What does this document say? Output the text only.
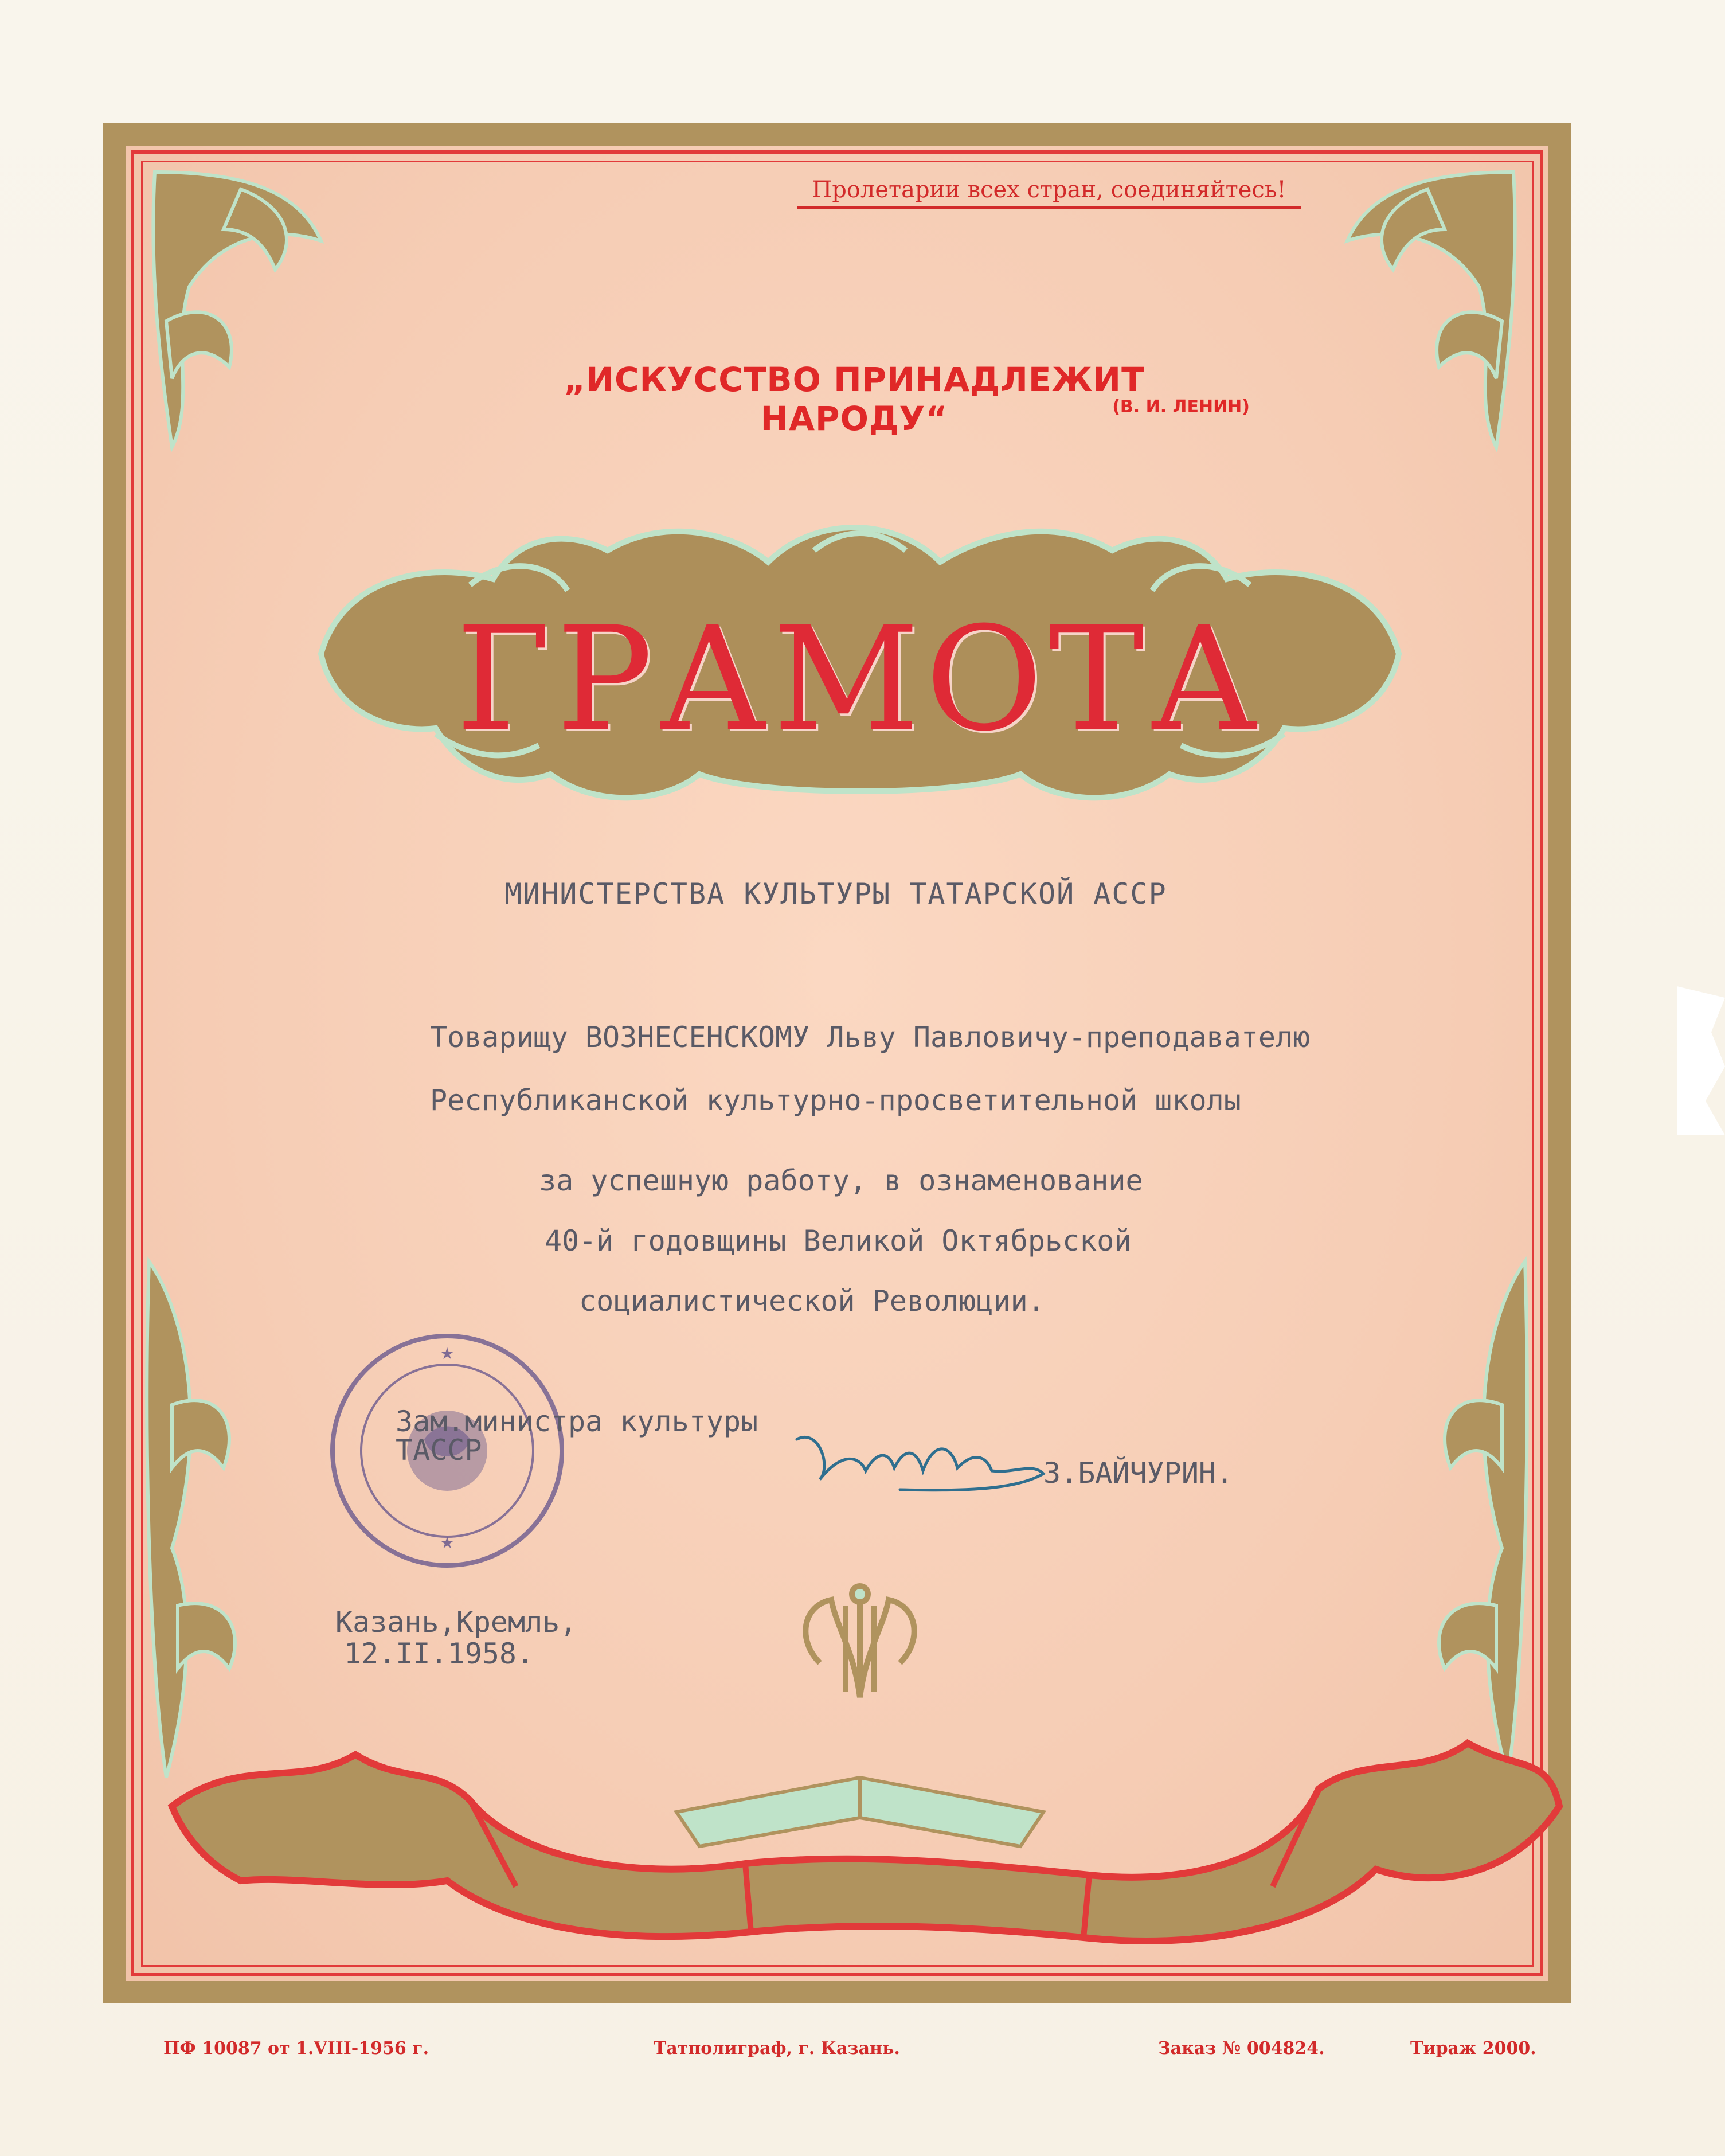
Пролетарии всех стран, соединяйтесь!
„ИСКУССТВО ПРИНАДЛЕЖИТ НАРОДУ“	(В. И. ЛЕНИН)
ГРАМОТА
МИНИСТЕРСТВА КУЛЬТУРЫ ТАТАРСКОЙ АССР
Товарищу ВОЗНЕСЕНСКОМУ Льву Павловичу-преподавателю
Республиканской культурно-просветительной школы
за успешную работу, в ознаменование
40-й годовщины Великой Октябрьской
социалистической Революции.
★
★
Зам.министра культуры
ТАССР
З.БАЙЧУРИН.
Казань,Кремль,
12.II.1958.
ПФ 10087 от 1.VIII-1956 г.	Татполиграф, г. Казань.	Заказ № 004824.	Тираж 2000.
